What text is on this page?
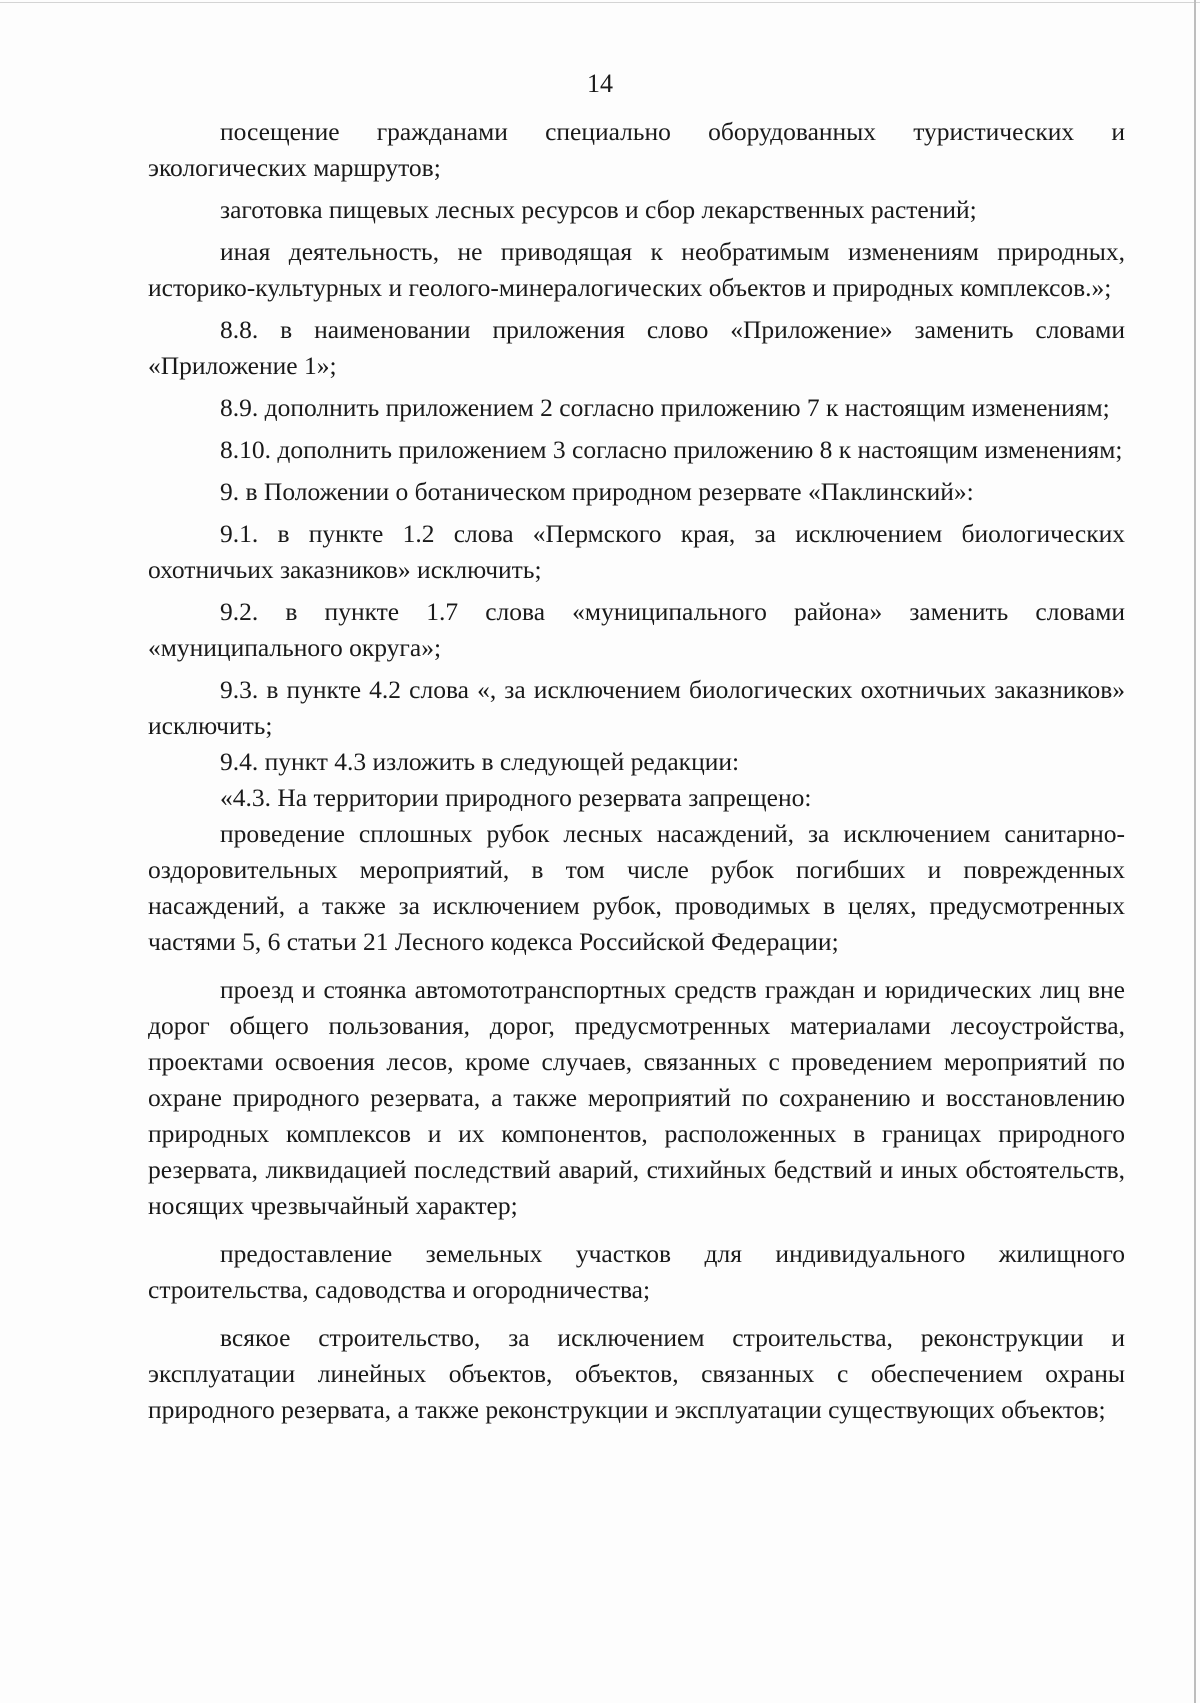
14

посещение гражданами специально оборудованных туристических и экологических маршрутов;

заготовка пищевых лесных ресурсов и сбор лекарственных растений;

иная деятельность, не приводящая к необратимым изменениям природных, историко-культурных и геолого-минералогических объектов и природных комплексов.»;

8.8. в наименовании приложения слово «Приложение» заменить словами «Приложение 1»;

8.9. дополнить приложением 2 согласно приложению 7 к настоящим изменениям;

8.10. дополнить приложением 3 согласно приложению 8 к настоящим изменениям;

9. в Положении о ботаническом природном резервате «Паклинский»:

9.1. в пункте 1.2 слова «Пермского края, за исключением биологических охотничьих заказников» исключить;

9.2. в пункте 1.7 слова «муниципального района» заменить словами «муниципального округа»;

9.3. в пункте 4.2 слова «, за исключением биологических охотничьих заказников» исключить;

9.4. пункт 4.3 изложить в следующей редакции:

«4.3. На территории природного резервата запрещено:

проведение сплошных рубок лесных насаждений, за исключением санитарно-оздоровительных мероприятий, в том числе рубок погибших и поврежденных насаждений, а также за исключением рубок, проводимых в целях, предусмотренных частями 5, 6 статьи 21 Лесного кодекса Российской Федерации;

проезд и стоянка автомототранспортных средств граждан и юридических лиц вне дорог общего пользования, дорог, предусмотренных материалами лесоустройства, проектами освоения лесов, кроме случаев, связанных с проведением мероприятий по охране природного резервата, а также мероприятий по сохранению и восстановлению природных комплексов и их компонентов, расположенных в границах природного резервата, ликвидацией последствий аварий, стихийных бедствий и иных обстоятельств, носящих чрезвычайный характер;

предоставление земельных участков для индивидуального жилищного строительства, садоводства и огородничества;

всякое строительство, за исключением строительства, реконструкции и эксплуатации линейных объектов, объектов, связанных с обеспечением охраны природного резервата, а также реконструкции и эксплуатации существующих объектов;
